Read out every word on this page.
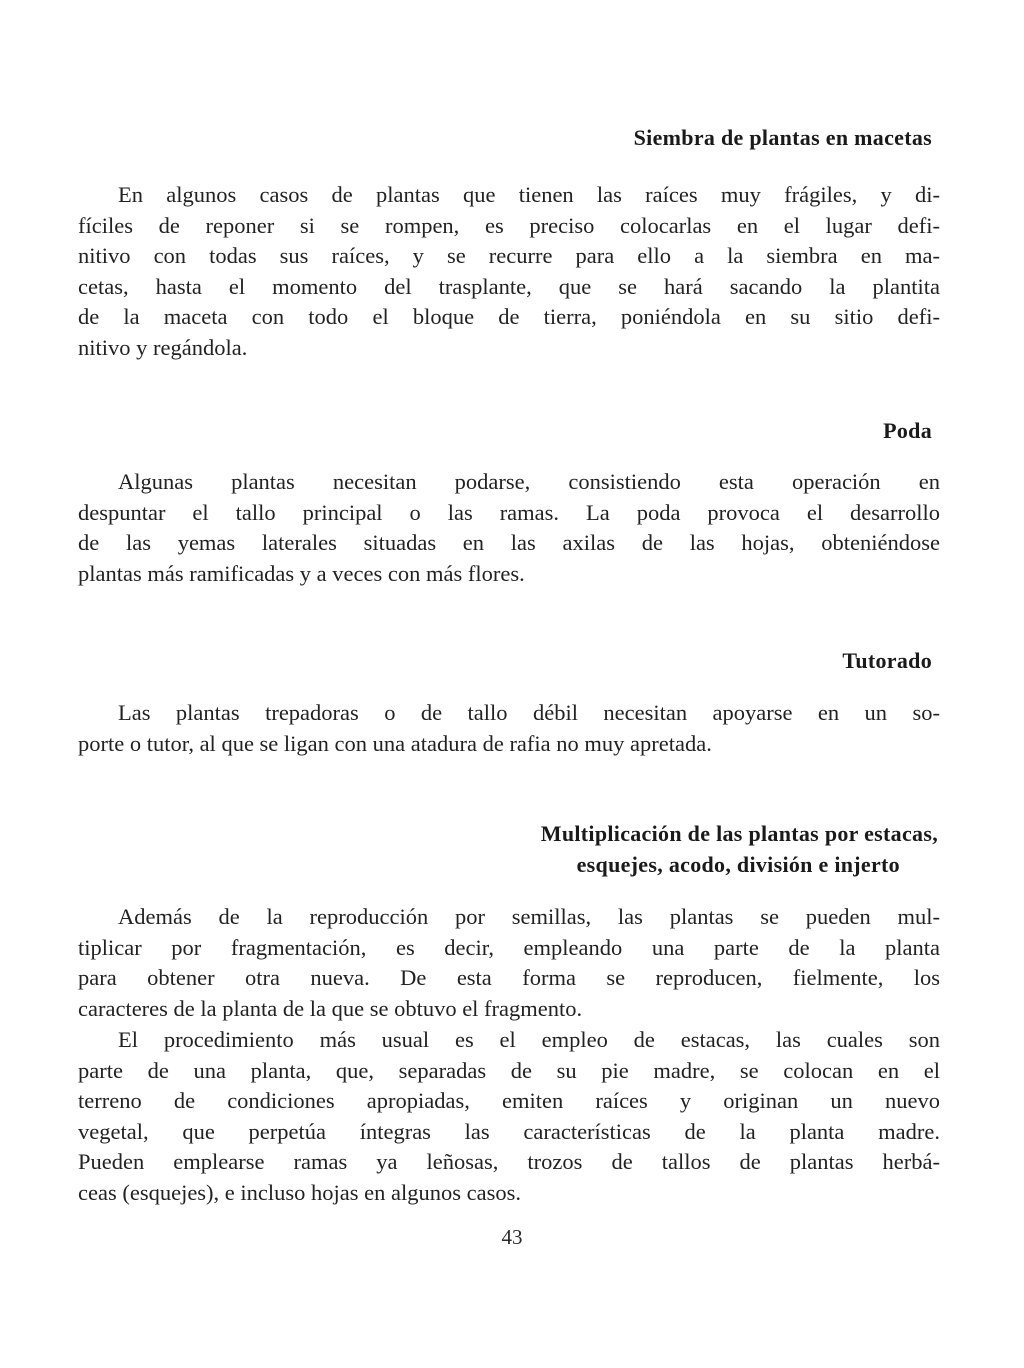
Siembra de plantas en macetas
En algunos casos de plantas que tienen las raíces muy frágiles, y di-
fíciles de reponer si se rompen, es preciso colocarlas en el lugar defi-
nitivo con todas sus raíces, y se recurre para ello a la siembra en ma-
cetas, hasta el momento del trasplante, que se hará sacando la plantita
de la maceta con todo el bloque de tierra, poniéndola en su sitio defi-
nitivo y regándola.
Poda
Algunas plantas necesitan podarse, consistiendo esta operación en
despuntar el tallo principal o las ramas. La poda provoca el desarrollo
de las yemas laterales situadas en las axilas de las hojas, obteniéndose
plantas más ramificadas y a veces con más flores.
Tutorado
Las plantas trepadoras o de tallo débil necesitan apoyarse en un so-
porte o tutor, al que se ligan con una atadura de rafia no muy apretada.
Multiplicación de las plantas por estacas,
esquejes, acodo, división e injerto
Además de la reproducción por semillas, las plantas se pueden mul-
tiplicar por fragmentación, es decir, empleando una parte de la planta
para obtener otra nueva. De esta forma se reproducen, fielmente, los
caracteres de la planta de la que se obtuvo el fragmento.
El procedimiento más usual es el empleo de estacas, las cuales son
parte de una planta, que, separadas de su pie madre, se colocan en el
terreno de condiciones apropiadas, emiten raíces y originan un nuevo
vegetal, que perpetúa íntegras las características de la planta madre.
Pueden emplearse ramas ya leñosas, trozos de tallos de plantas herbá-
ceas (esquejes), e incluso hojas en algunos casos.
43
